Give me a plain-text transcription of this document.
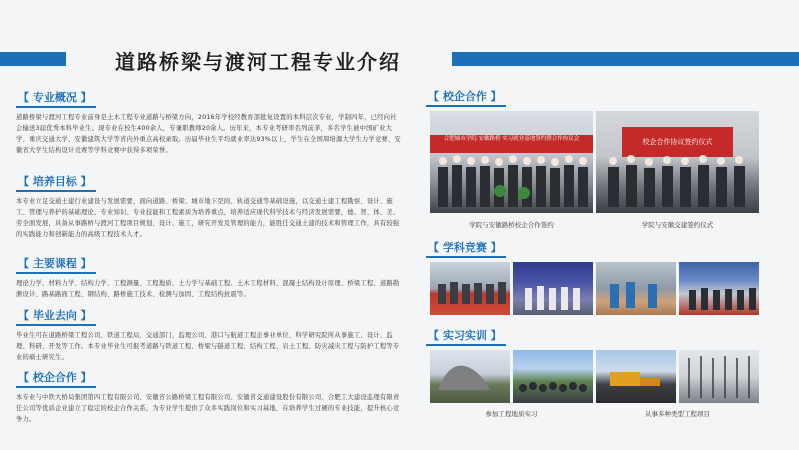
道路桥梁与渡河工程专业介绍
【 专业概况 】
道路桥梁与渡河工程专业前身是土木工程专业道路与桥梁方向，2016年学校经教育部批复设置的本科层次专业，学制四年，已经向社会输送3届优秀本科毕业生。现专业在校生400余人，专兼职教师20余人。历年来，本专业考研率名列前茅，多名学生被中国矿业大学、重庆交通大学、安徽建筑大学等省内外重点高校录取。历届毕业生平均就业率达93%以上，学生在全国周培源大学生力学竞赛、安徽省大学生结构设计竞赛等学科竞赛中获得多项荣誉。
【 培养目标 】
本专业立足交通土建行业建设与发展需要，面向道路、桥梁、城市地下空间、轨道交通等基础设施，以交通土建工程勘察、设计、施工、管理与养护的基础理论、专业知识、专业技能和工程素质为培养重点，培养适应现代科学技术与经济发展需要，德、智、体、美、劳全面发展，具备从事路桥与渡河工程项目规划、设计、施工，研究开发及管理的能力，能胜任交通土建的技术和管理工作，具有较强的实践能力和创新能力的高级工程技术人才。
【 主要课程 】
理论力学、材料力学、结构力学、工程测量、工程地质、土力学与基础工程、土木工程材料、混凝土结构设计原理、桥梁工程、道路勘测设计、路基路面工程、钢结构、路桥施工技术、检测与加固、工程结构抗震等。
【 毕业去向 】
毕业生可在道路桥梁工程公司、铁道工程局、交通部门、监理公司、港口与航道工程企事业单位、科学研究院所从事施工、设计、监理、科研、开发等工作。本专业毕业生可报考道路与铁道工程、桥梁与隧道工程、结构工程、岩土工程、防灾减灾工程与防护工程等专业的硕士研究生。
【 校企合作 】
本专业与中铁大桥局集团第四工程有限公司、安徽省公路桥梁工程有限公司、安徽省交通建设股份有限公司、合肥工大建设监理有限责任公司等优质企业建立了稳定的校企合作关系，为专业学生提供了众多实践岗位和实习基地，在培养学生过硬的专业技能，提升核心竞争力。
【 校企合作 】
合肥城市学院·安徽路桥 实习就业基地签约暨合作协议会
学院与安徽路桥校企合作签约
校企合作协议签约仪式
学院与安徽交建签约仪式
【 学科竞赛 】
【 实习实训 】
参加工程地质实习	从事多种类型工程项目
